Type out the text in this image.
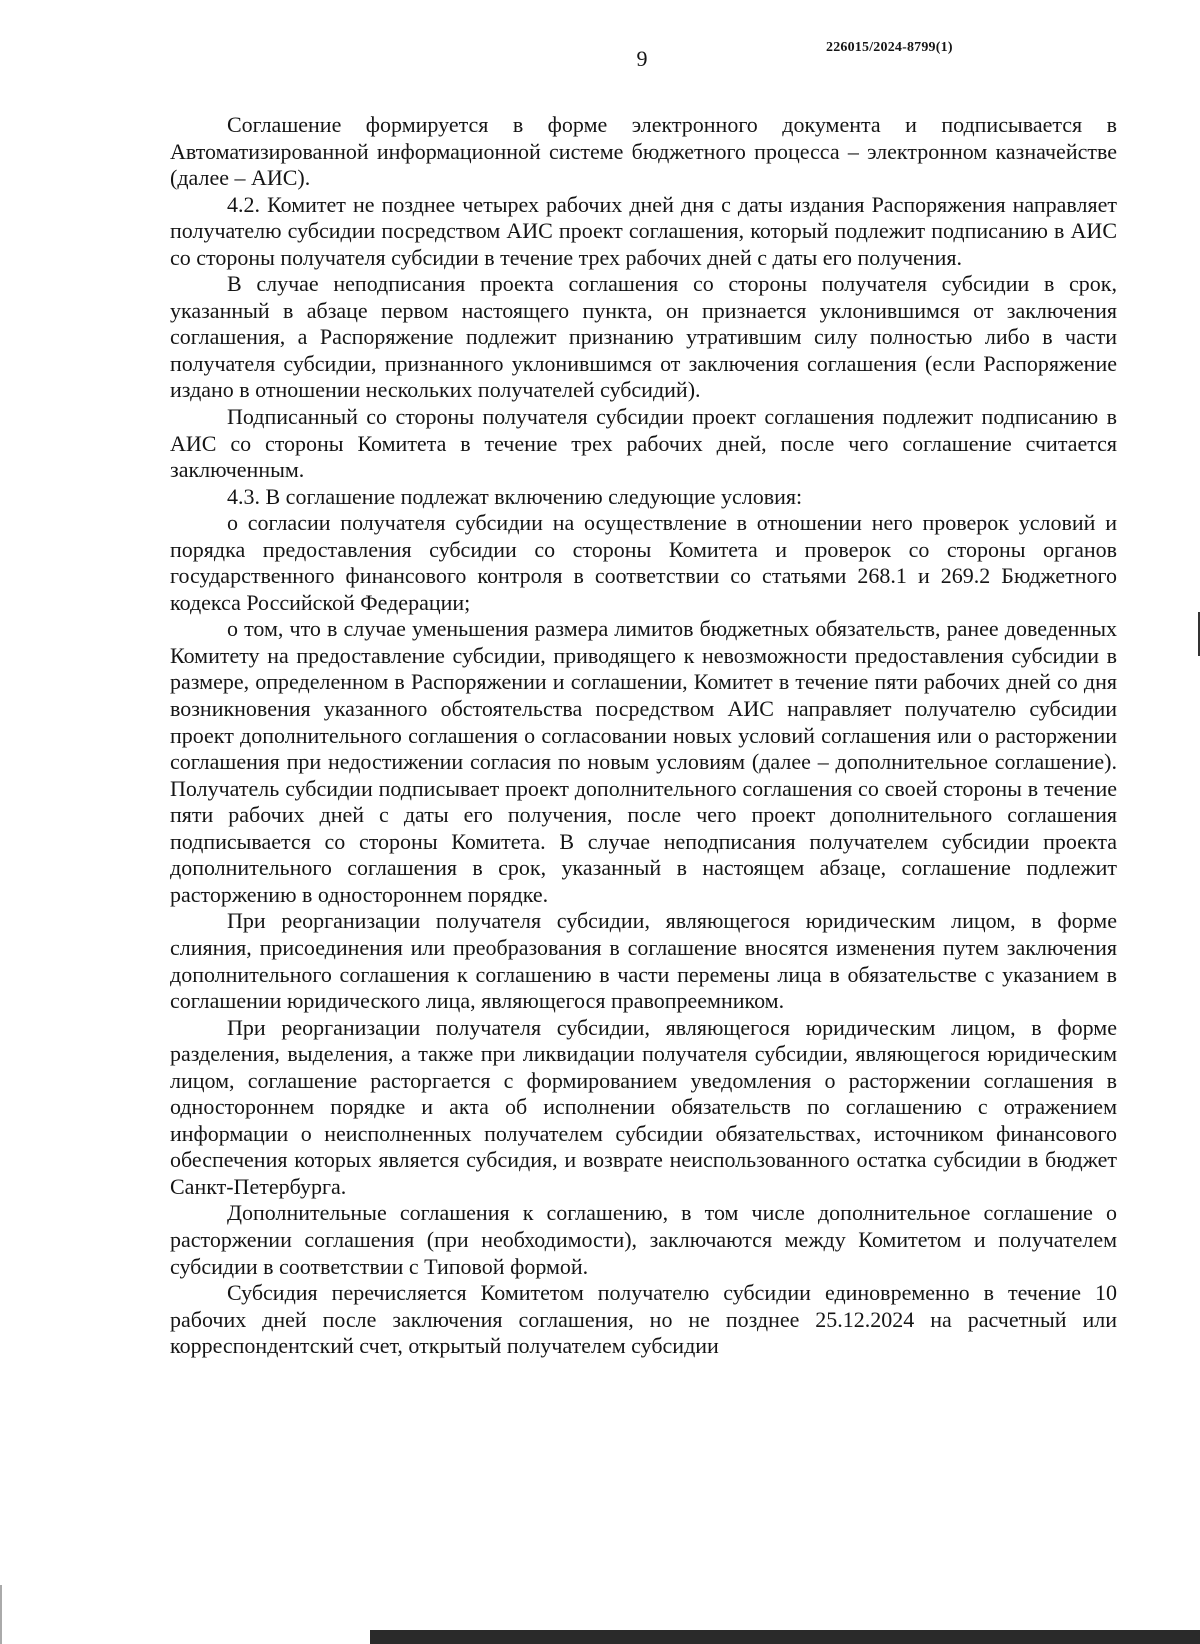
9	226015/2024-8799(1)

Соглашение формируется в форме электронного документа и подписывается в Автоматизированной информационной системе бюджетного процесса – электронном казначействе (далее – АИС).

4.2. Комитет не позднее четырех рабочих дней дня с даты издания Распоряжения направляет получателю субсидии посредством АИС проект соглашения, который подлежит подписанию в АИС со стороны получателя субсидии в течение трех рабочих дней с даты его получения.

В случае неподписания проекта соглашения со стороны получателя субсидии в срок, указанный в абзаце первом настоящего пункта, он признается уклонившимся от заключения соглашения, а Распоряжение подлежит признанию утратившим силу полностью либо в части получателя субсидии, признанного уклонившимся от заключения соглашения (если Распоряжение издано в отношении нескольких получателей субсидий).

Подписанный со стороны получателя субсидии проект соглашения подлежит подписанию в АИС со стороны Комитета в течение трех рабочих дней, после чего соглашение считается заключенным.

4.3. В соглашение подлежат включению следующие условия:

о согласии получателя субсидии на осуществление в отношении него проверок условий и порядка предоставления субсидии со стороны Комитета и проверок со стороны органов государственного финансового контроля в соответствии со статьями 268.1 и 269.2 Бюджетного кодекса Российской Федерации;

о том, что в случае уменьшения размера лимитов бюджетных обязательств, ранее доведенных Комитету на предоставление субсидии, приводящего к невозможности предоставления субсидии в размере, определенном в Распоряжении и соглашении, Комитет в течение пяти рабочих дней со дня возникновения указанного обстоятельства посредством АИС направляет получателю субсидии проект дополнительного соглашения о согласовании новых условий соглашения или о расторжении соглашения при недостижении согласия по новым условиям (далее – дополнительное соглашение). Получатель субсидии подписывает проект дополнительного соглашения со своей стороны в течение пяти рабочих дней с даты его получения, после чего проект дополнительного соглашения подписывается со стороны Комитета. В случае неподписания получателем субсидии проекта дополнительного соглашения в срок, указанный в настоящем абзаце, соглашение подлежит расторжению в одностороннем порядке.

При реорганизации получателя субсидии, являющегося юридическим лицом, в форме слияния, присоединения или преобразования в соглашение вносятся изменения путем заключения дополнительного соглашения к соглашению в части перемены лица в обязательстве с указанием в соглашении юридического лица, являющегося правопреемником.

При реорганизации получателя субсидии, являющегося юридическим лицом, в форме разделения, выделения, а также при ликвидации получателя субсидии, являющегося юридическим лицом, соглашение расторгается с формированием уведомления о расторжении соглашения в одностороннем порядке и акта об исполнении обязательств по соглашению с отражением информации о неисполненных получателем субсидии обязательствах, источником финансового обеспечения которых является субсидия, и возврате неиспользованного остатка субсидии в бюджет Санкт-Петербурга.

Дополнительные соглашения к соглашению, в том числе дополнительное соглашение о расторжении соглашения (при необходимости), заключаются между Комитетом и получателем субсидии в соответствии с Типовой формой.

Субсидия перечисляется Комитетом получателю субсидии единовременно в течение 10 рабочих дней после заключения соглашения, но не позднее 25.12.2024 на расчетный или корреспондентский счет, открытый получателем субсидии
